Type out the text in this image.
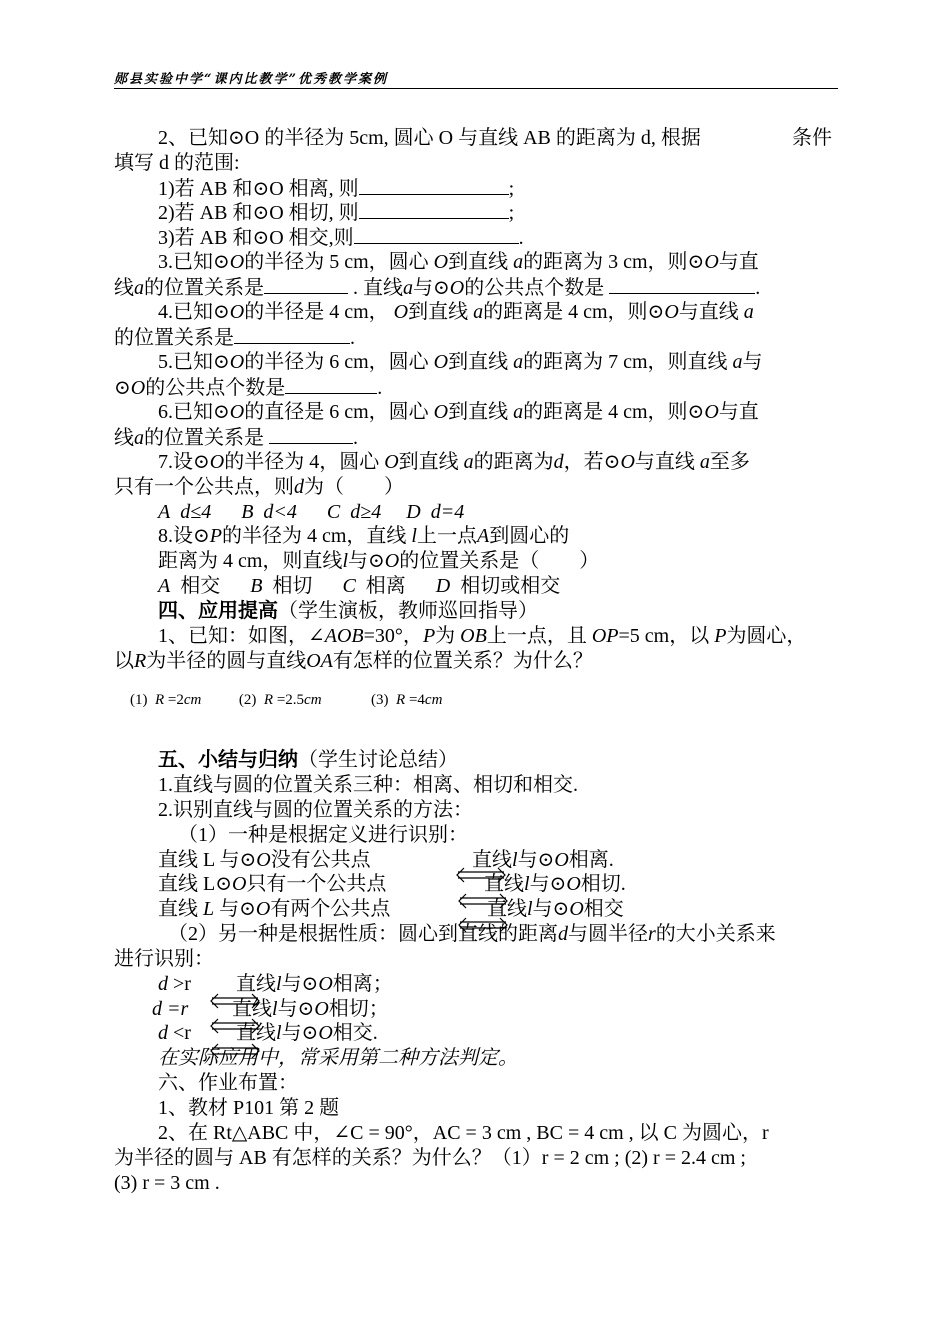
郧县实验中学“课内比教学”优秀教学案例
2、已知⊙O 的半径为 5cm, 圆心 O 与直线 AB 的距离为 d, 根据	条件
填写 d 的范围:
1)若 AB 和⊙O 相离, 则	;
2)若 AB 和⊙O 相切, 则	;
3)若 AB 和⊙O 相交,则	.
3.已知⊙O的半径为 5 cm，圆心 O到直线 a的距离为 3 cm，则⊙O与直
线a的位置关系是	. 直线a与⊙O的公共点个数是	.
4.已知⊙O的半径是 4 cm， O到直线 a的距离是 4 cm，则⊙O与直线 a
的位置关系是	.
5.已知⊙O的半径为 6 cm，圆心 O到直线 a的距离为 7 cm，则直线 a与
⊙O的公共点个数是	.
6.已知⊙O的直径是 6 cm，圆心 O到直线 a的距离是 4 cm，则⊙O与直
线a的位置关系是	.
7.设⊙O的半径为 4，圆心 O到直线 a的距离为d，若⊙O与直线 a至多
只有一个公共点，则d为（　　）
A d≤4 B d<4 C d≥4 D d=4
8.设⊙P的半径为 4 cm，直线 l上一点A到圆心的
距离为 4 cm，则直线l与⊙O的位置关系是（　　）
A 相交 B 相切 C 相离 D 相切或相交
四、应用提高（学生演板，教师巡回指导）
1、已知：如图，∠AOB=30°，P为 OB上一点，且 OP=5 cm，以 P为圆心，
以R为半径的圆与直线OA有怎样的位置关系？为什么？
(1) R =2cm	(2) R =2.5cm	(3) R =4cm
五、小结与归纳（学生讨论总结）
1.直线与圆的位置关系三种：相离、相切和相交.
2.识别直线与圆的位置关系的方法：
（1）一种是根据定义进行识别：
直线 L 与⊙O没有公共点	直线l与⊙O相离.
直线 L⊙O只有一个公共点	直线l与⊙O相切.
直线 L 与⊙O有两个公共点	直线l与⊙O相交
（2）另一种是根据性质：圆心到直线的距离d与圆半径r的大小关系来
进行识别：
d >r 直线l与⊙O相离；
d =r 直线l与⊙O相切；
d <r 直线l与⊙O相交.
在实际应用中，常采用第二种方法判定。
六、作业布置：
1、教材 P101 第 2 题
2、在 Rt△ABC 中，∠C = 90°，AC = 3 cm , BC = 4 cm , 以 C 为圆心，r
为半径的圆与 AB 有怎样的关系？为什么？（1）r = 2 cm ; (2) r = 2.4 cm ;
(3) r = 3 cm .
